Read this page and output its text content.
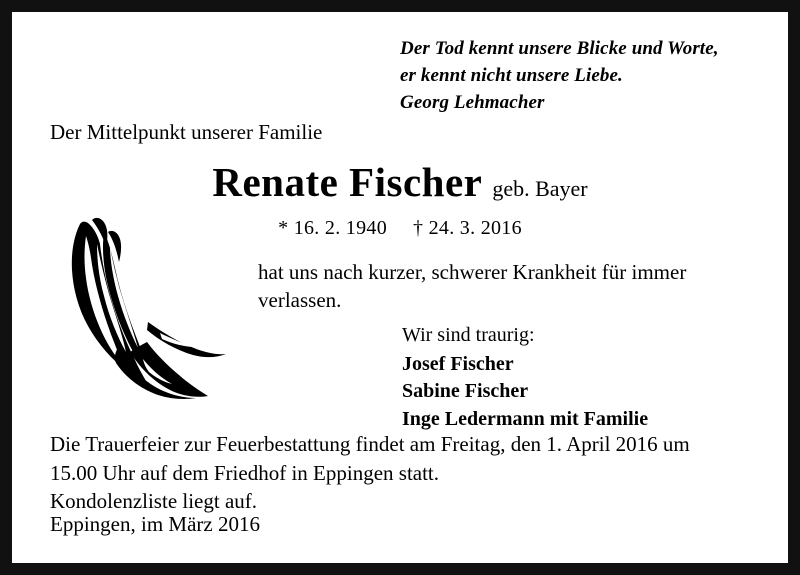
Der Tod kennt unsere Blicke und Worte,
er kennt nicht unsere Liebe.
Georg Lehmacher
Der Mittelpunkt unserer Familie
Renate Fischer geb. Bayer
* 16. 2. 1940 † 24. 3. 2016
hat uns nach kurzer, schwerer Krankheit für immer
verlassen.
Wir sind traurig:
Josef Fischer
Sabine Fischer
Inge Ledermann mit Familie
Die Trauerfeier zur Feuerbestattung findet am Freitag, den 1. April 2016 um
15.00 Uhr auf dem Friedhof in Eppingen statt.
Kondolenzliste liegt auf.
Eppingen, im März 2016
